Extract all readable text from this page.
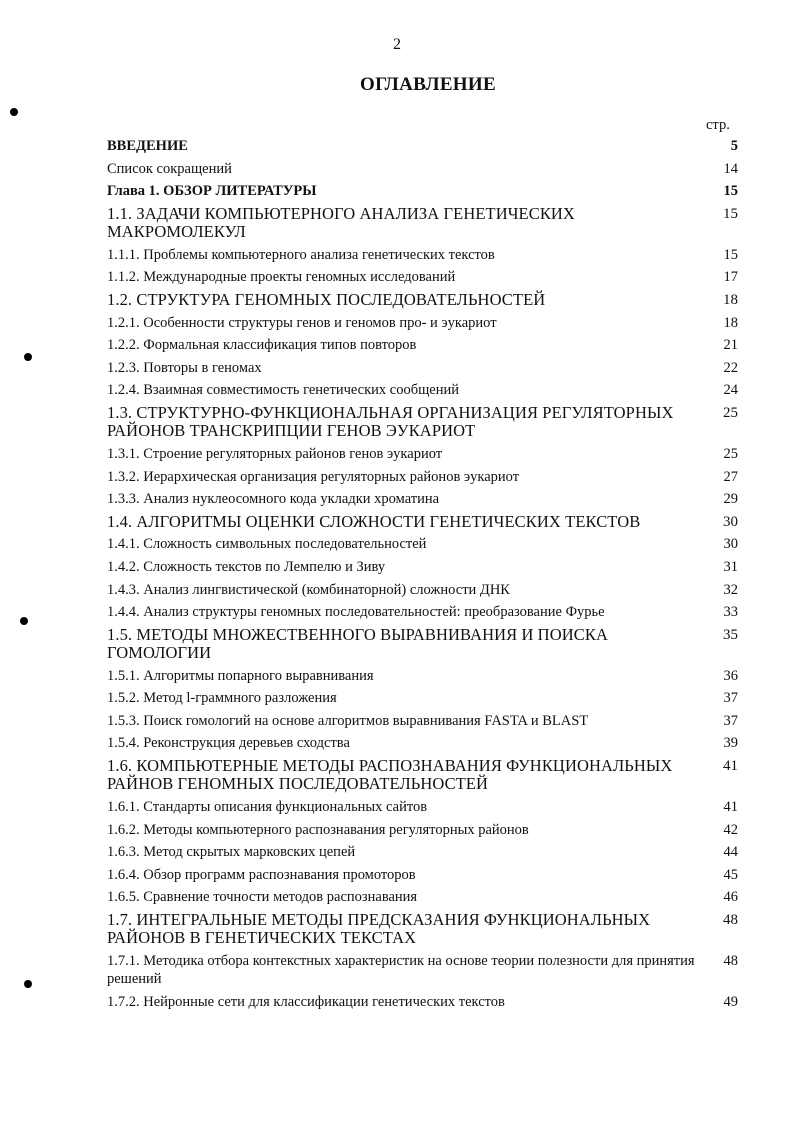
2
ОГЛАВЛЕНИЕ
стр.
ВВЕДЕНИЕ	5
Список сокращений	14
Глава 1. ОБЗОР ЛИТЕРАТУРЫ	15
1.1. ЗАДАЧИ КОМПЬЮТЕРНОГО АНАЛИЗА ГЕНЕТИЧЕСКИХ МАКРОМОЛЕКУЛ
15
1.1.1. Проблемы компьютерного анализа генетических текстов	15
1.1.2. Международные проекты геномных исследований	17
1.2. СТРУКТУРА ГЕНОМНЫХ ПОСЛЕДОВАТЕЛЬНОСТЕЙ	18
1.2.1. Особенности структуры генов и геномов про- и эукариот	18
1.2.2. Формальная классификация типов повторов	21
1.2.3. Повторы в геномах	22
1.2.4. Взаимная совместимость генетических сообщений	24
1.3. СТРУКТУРНО-ФУНКЦИОНАЛЬНАЯ ОРГАНИЗАЦИЯ РЕГУЛЯТОРНЫХ РАЙОНОВ ТРАНСКРИПЦИИ ГЕНОВ ЭУКАРИОТ
25
1.3.1. Строение регуляторных районов генов эукариот	25
1.3.2. Иерархическая организация регуляторных районов эукариот	27
1.3.3. Анализ нуклеосомного кода укладки хроматина	29
1.4. АЛГОРИТМЫ ОЦЕНКИ СЛОЖНОСТИ ГЕНЕТИЧЕСКИХ ТЕКСТОВ	30
1.4.1. Сложность символьных последовательностей	30
1.4.2. Сложность текстов по Лемпелю и Зиву	31
1.4.3. Анализ лингвистической (комбинаторной) сложности ДНК	32
1.4.4. Анализ структуры геномных последовательностей: преобразование Фурье	33
1.5. МЕТОДЫ МНОЖЕСТВЕННОГО ВЫРАВНИВАНИЯ И ПОИСКА ГОМОЛОГИИ
35
1.5.1. Алгоритмы попарного выравнивания	36
1.5.2. Метод l-граммного разложения	37
1.5.3. Поиск гомологий на основе алгоритмов выравнивания FASTA и BLAST	37
1.5.4. Реконструкция деревьев сходства	39
1.6. КОМПЬЮТЕРНЫЕ МЕТОДЫ РАСПОЗНАВАНИЯ ФУНКЦИОНАЛЬНЫХ РАЙНОВ ГЕНОМНЫХ ПОСЛЕДОВАТЕЛЬНОСТЕЙ
41
1.6.1. Стандарты описания функциональных сайтов	41
1.6.2. Методы компьютерного распознавания регуляторных районов	42
1.6.3. Метод скрытых марковских цепей	44
1.6.4. Обзор программ распознавания промоторов	45
1.6.5. Сравнение точности методов распознавания	46
1.7. ИНТЕГРАЛЬНЫЕ МЕТОДЫ ПРЕДСКАЗАНИЯ ФУНКЦИОНАЛЬНЫХ РАЙОНОВ В ГЕНЕТИЧЕСКИХ ТЕКСТАХ
48
1.7.1. Методика отбора контекстных характеристик на основе теории полезности для принятия решений
48
1.7.2. Нейронные сети для классификации генетических текстов	49
